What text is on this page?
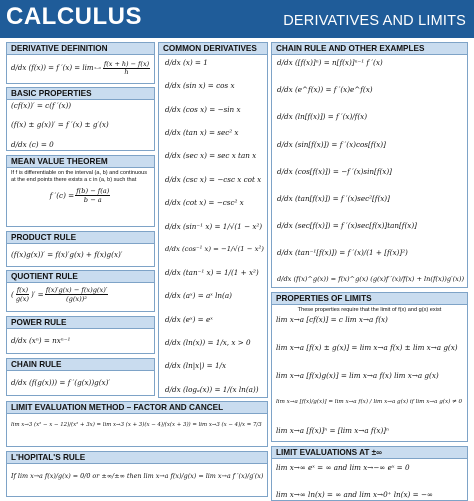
CALCULUS	DERIVATIVES AND LIMITS
DERIVATIVE DEFINITION
d/dx (f(x)) = f $'(x) = \lim h\to 0 \frac{f(x + h) - f(x)}{h}$
BASIC PROPERTIES
(cf(x))′ = c(f ′(x))
(f(x) ± g(x))′ = f ′(x) ± g′(x)
d/dx (c) = 0
MEAN VALUE THEOREM
If f is differentiable on the interval (a, b) and continuous at the end points there exists a c in (a, b) such that
f $'(c) = \frac{f(b) - f(a)}{b - a}$
PRODUCT RULE
(f(x)g(x))′ = f(x)′g(x) + f(x)g(x)′
QUOTIENT RULE
( $\frac{f(x)}{g(x)}$ )′ = $\frac{f(x)'g(x) - f(x)g(x)'}{\text{(g(x))²}}$
POWER RULE
d/dx (xⁿ) = nxⁿ⁻¹
CHAIN RULE
d/dx (f(g(x))) = f ′(g(x))g(x)′
COMMON DERIVATIVES
d/dx (x) = 1
d/dx (sin x) = cos x
d/dx (cos x) = −sin x
d/dx (tan x) = sec² x
d/dx (sec x) = sec x tan x
d/dx (csc x) = −csc x cot x
d/dx (cot x) = −csc² x
d/dx (sin⁻¹ x) = 1/√(1 − x²)
d/dx (cos⁻¹ x) = −1/√(1 − x²)
d/dx (tan⁻¹ x) = 1/(1 + x²)
d/dx (aˣ) = aˣ ln(a)
d/dx (eˣ) = eˣ
d/dx (ln(x)) = 1/x, x > 0
d/dx (ln|x|) = 1/x
d/dx (logₐ(x)) = 1/(x ln(a))
CHAIN RULE AND OTHER EXAMPLES
d/dx ([f(x)]ⁿ) = n[f(x)]ⁿ⁻¹ f ′(x)
d/dx (e^f(x)) = f ′(x)e^f(x)
d/dx (ln[f(x)]) = f ′(x)/f(x)
d/dx (sin[f(x)]) = f ′(x)cos[f(x)]
d/dx (cos[f(x)]) = −f ′(x)sin[f(x)]
d/dx (tan[f(x)]) = f ′(x)sec²[f(x)]
d/dx (sec[f(x)]) = f ′(x)sec[f(x)]tan[f(x)]
d/dx (tan⁻¹[f(x)]) = f ′(x)/(1 + [f(x)]²)
d/dx (f(x)^g(x)) = f(x)^g(x) (g(x)f ′(x)/f(x) + ln(f(x))g′(x))
PROPERTIES OF LIMITS
These properties require that the limit of f(x) and g(x) exist
lim x→a [cf(x)] = c lim x→a f(x)
lim x→a [f(x) ± g(x)] = lim x→a f(x) ± lim x→a g(x)
lim x→a [f(x)g(x)] = lim x→a f(x) lim x→a g(x)
lim x→a [f(x)/g(x)] = lim x→a f(x) / lim x→a g(x) if lim x→a g(x) ≠ 0
lim x→a [f(x)]ⁿ = [lim x→a f(x)]ⁿ
LIMIT EVALUATIONS AT ±∞
lim x→∞ eˣ = ∞ and lim x→−∞ eˣ = 0
lim x→∞ ln(x) = ∞ and lim x→0⁺ ln(x) = −∞
LIMIT EVALUATION METHOD – FACTOR AND CANCEL
lim x→3 (x² − x − 12)/(x² + 3x) = lim x→3 (x + 3)(x − 4)/(x(x + 3)) = lim x→3 (x − 4)/x = 7/3
L'HOPITAL'S RULE
If lim x→a f(x)/g(x) = 0/0 or ±∞/±∞ then lim x→a f(x)/g(x) = lim x→a f ′(x)/g′(x)
